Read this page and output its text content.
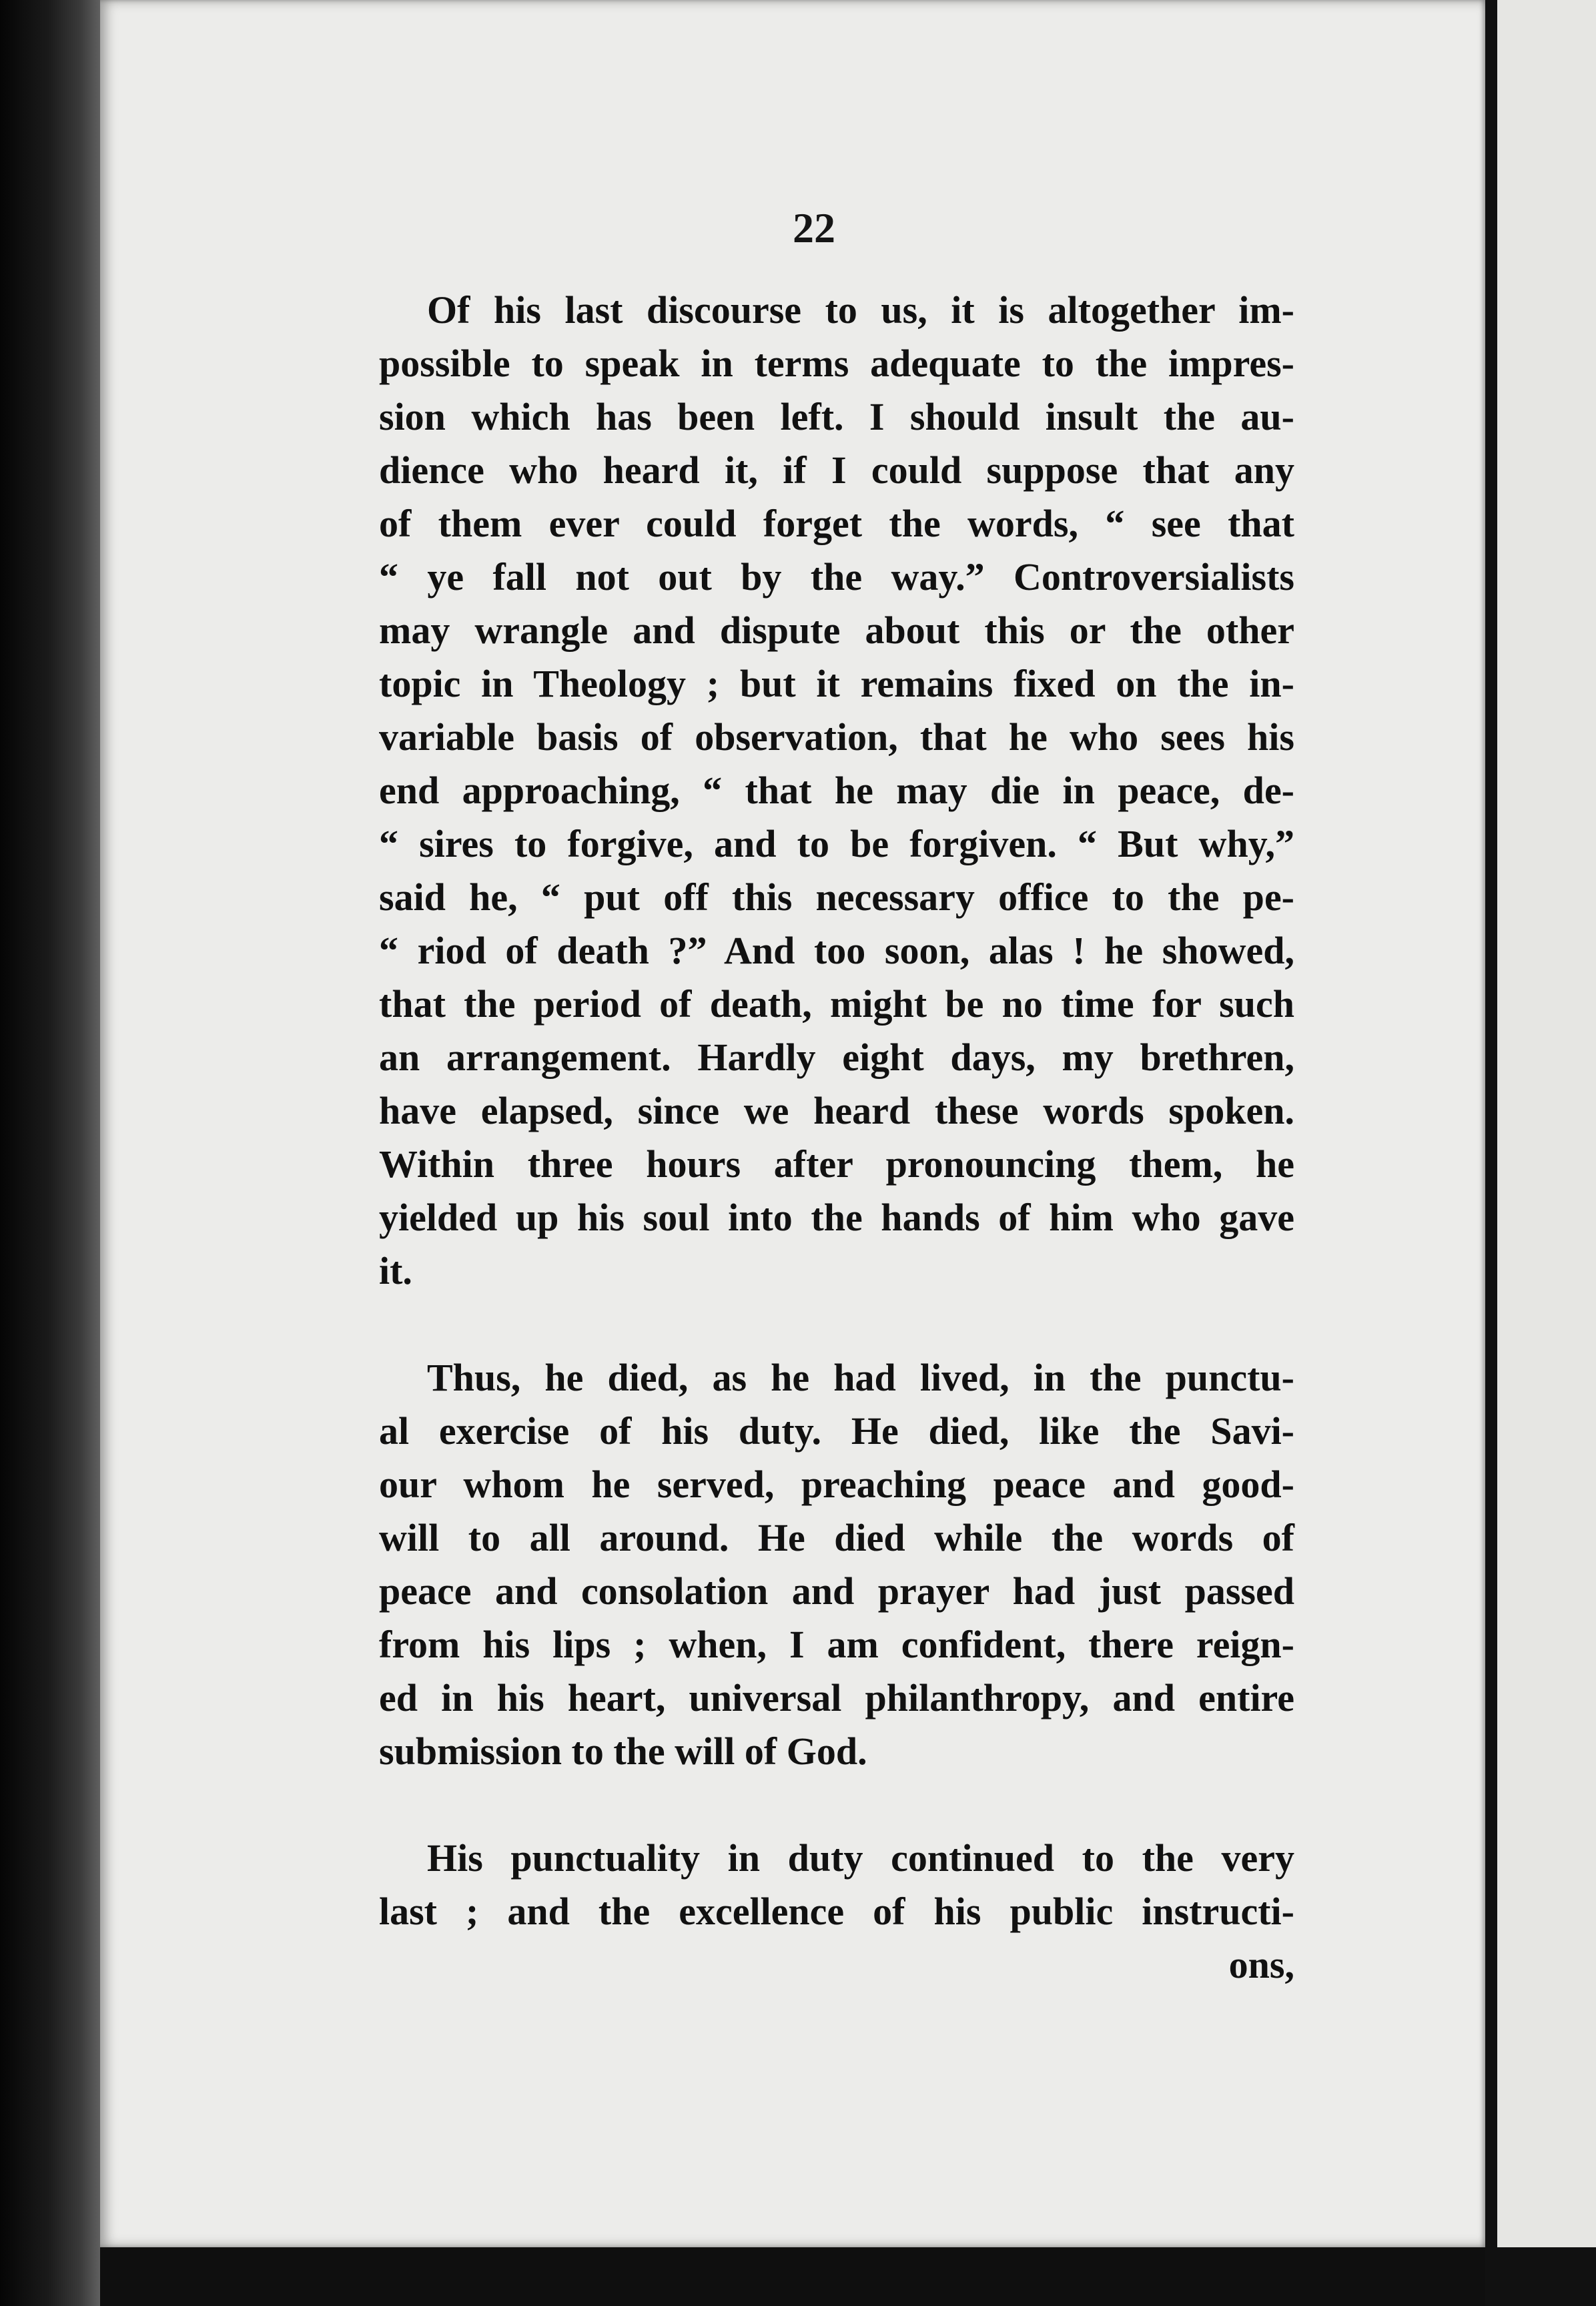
22
Of his last discourse to us, it is altogether im-
possible to speak in terms adequate to the impres-
sion which has been left. I should insult the au-
dience who heard it, if I could suppose that any
of them ever could forget the words, “ see that
“ ye fall not out by the way.” Controversialists
may wrangle and dispute about this or the other
topic in Theology ; but it remains fixed on the in-
variable basis of observation, that he who sees his
end approaching, “ that he may die in peace, de-
“ sires to forgive, and to be forgiven. “ But why,”
said he, “ put off this necessary office to the pe-
“ riod of death ?” And too soon, alas ! he showed,
that the period of death, might be no time for such
an arrangement. Hardly eight days, my brethren,
have elapsed, since we heard these words spoken.
Within three hours after pronouncing them, he
yielded up his soul into the hands of him who gave
it.
Thus, he died, as he had lived, in the punctu-
al exercise of his duty. He died, like the Savi-
our whom he served, preaching peace and good-
will to all around. He died while the words of
peace and consolation and prayer had just passed
from his lips ; when, I am confident, there reign-
ed in his heart, universal philanthropy, and entire
submission to the will of God.
His punctuality in duty continued to the very
last ; and the excellence of his public instructi-
ons,
